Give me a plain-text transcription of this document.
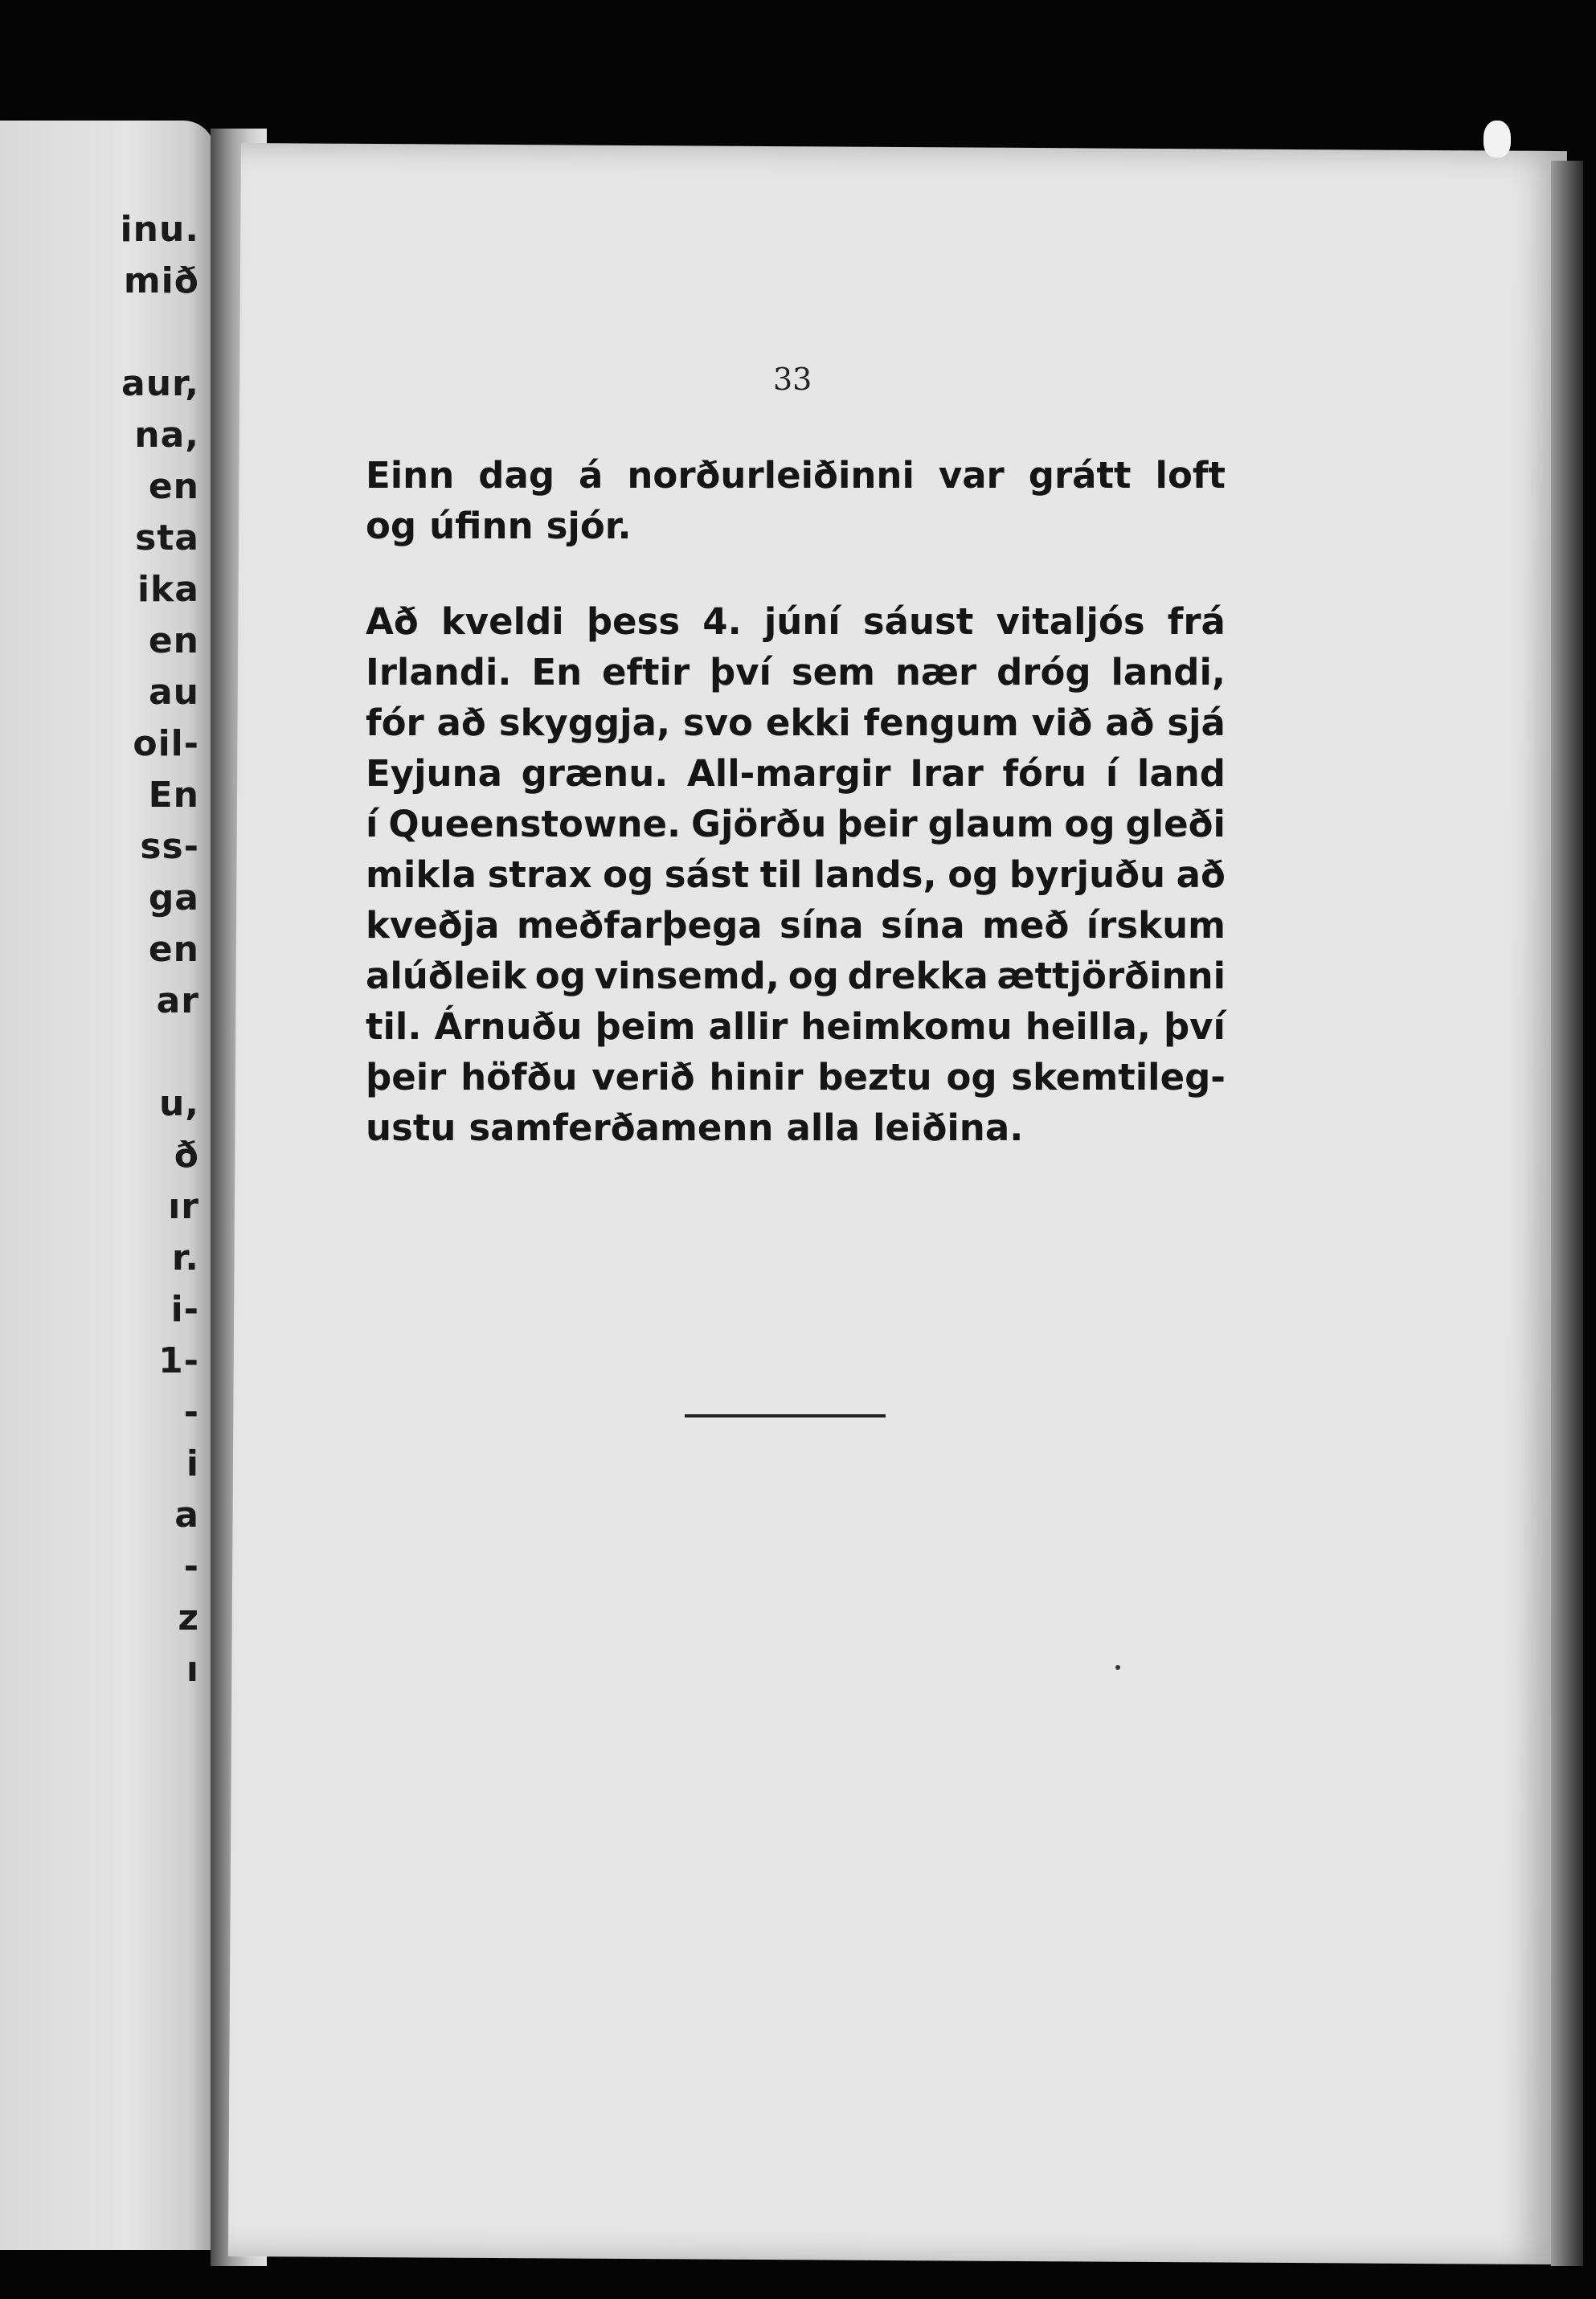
inu.
mið
aur,
na,
en
sta
ika
en
au
oil-
En
ss-
ga
en
ar
u,
ð
ır
r.
i-
1-
-
i
a
-
z
ı
33
Einn dag á norðurleiðinni var grátt loft
og úfinn sjór.
Að kveldi þess 4. júní sáust vitaljós frá
Irlandi. En eftir því sem nær dróg landi,
fór að skyggja, svo ekki fengum við að sjá
Eyjuna grænu. All-margir Irar fóru í land
í Queenstowne. Gjörðu þeir glaum og gleði
mikla strax og sást til lands, og byrjuðu að
kveðja meðfarþega sína sína með írskum
alúðleik og vinsemd, og drekka ættjörðinni
til. Árnuðu þeim allir heimkomu heilla, því
þeir höfðu verið hinir beztu og skemtileg-
ustu samferðamenn alla leiðina.
